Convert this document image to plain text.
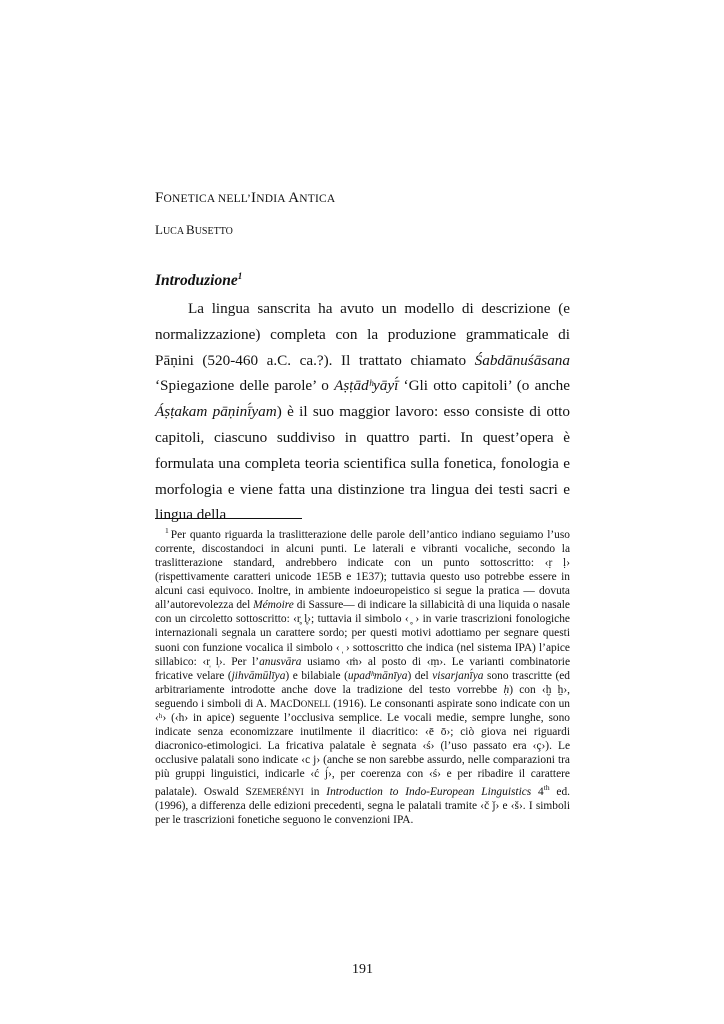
FONETICA NELL’INDIA ANTICA
LUCA BUSETTO
Introduzione$^1$

La lingua sanscrita ha avuto un modello di descrizione (e normalizzazione) completa con la produzione grammaticale di Pāṇini (520-460 a.C. ca.?). Il trattato chiamato Śabdānuśāsana ‘Spiegazione delle parole’ o Aṣṭādʰyāyī́ ‘Gli otto capitoli’ (o anche Áṣṭakam pāṇinī́yam) è il suo maggior lavoro: esso consiste di otto capitoli, ciascuno suddiviso in quattro parti. In quest’opera è formulata una completa teoria scientifica sulla fonetica, fonologia e morfologia e viene fatta una distinzione tra lingua dei testi sacri e lingua della

$^1$ Per quanto riguarda la traslitterazione delle parole dell’antico indiano seguiamo l’uso corrente, discostandoci in alcuni punti. Le laterali e vibranti vocaliche, secondo la traslitterazione standard, andrebbero indicate con un punto sottoscritto: ‹ṛ ḷ› (rispettivamente caratteri unicode 1E5B e 1E37); tuttavia questo uso potrebbe essere in alcuni casi equivoco. Inoltre, in ambiente indoeuropeistico si segue la pratica — dovuta all’autorevolezza del Mémoire di Sassure— di indicare la sillabicità di una liquida o nasale con un circoletto sottoscritto: ‹r̥ l̥›; tuttavia il simbolo ‹ ̥ › in varie trascrizioni fonologiche internazionali segnala un carattere sordo; per questi motivi adottiamo per segnare questi suoni con funzione vocalica il simbolo ‹ ̩ › sottoscritto che indica (nel sistema IPA) l’apice sillabico: ‹r̩ l̩›. Per l’anusvāra usiamo ‹ṁ› al posto di ‹ṃ›. Le varianti combinatorie fricative velare (jihvāmūlīya) e bilabiale (upadʰmānīya) del visarjanī́ya sono trascritte (ed arbitrariamente introdotte anche dove la tradizione del testo vorrebbe ḥ) con ‹ḫ ẖ›, seguendo i simboli di A. MACDONELL (1916). Le consonanti aspirate sono indicate con un ‹ʰ› (‹h› in apice) seguente l’occlusiva semplice. Le vocali medie, sempre lunghe, sono indicate senza economizzare inutilmente il diacritico: ‹ē ō›; ciò giova nei riguardi diacronico-etimologici. La fricativa palatale è segnata ‹ś› (l’uso passato era ‹ç›). Le occlusive palatali sono indicate ‹c j› (anche se non sarebbe assurdo, nelle comparazioni tra più gruppi linguistici, indicarle ‹ć j́›, per coerenza con ‹ś› e per ribadire il carattere palatale). Oswald SZEMERÉNYI in Introduction to Indo-European Linguistics 4th ed. (1996), a differenza delle edizioni precedenti, segna le palatali tramite ‹č ǰ› e ‹š›. I simboli per le trascrizioni fonetiche seguono le convenzioni IPA.

191
